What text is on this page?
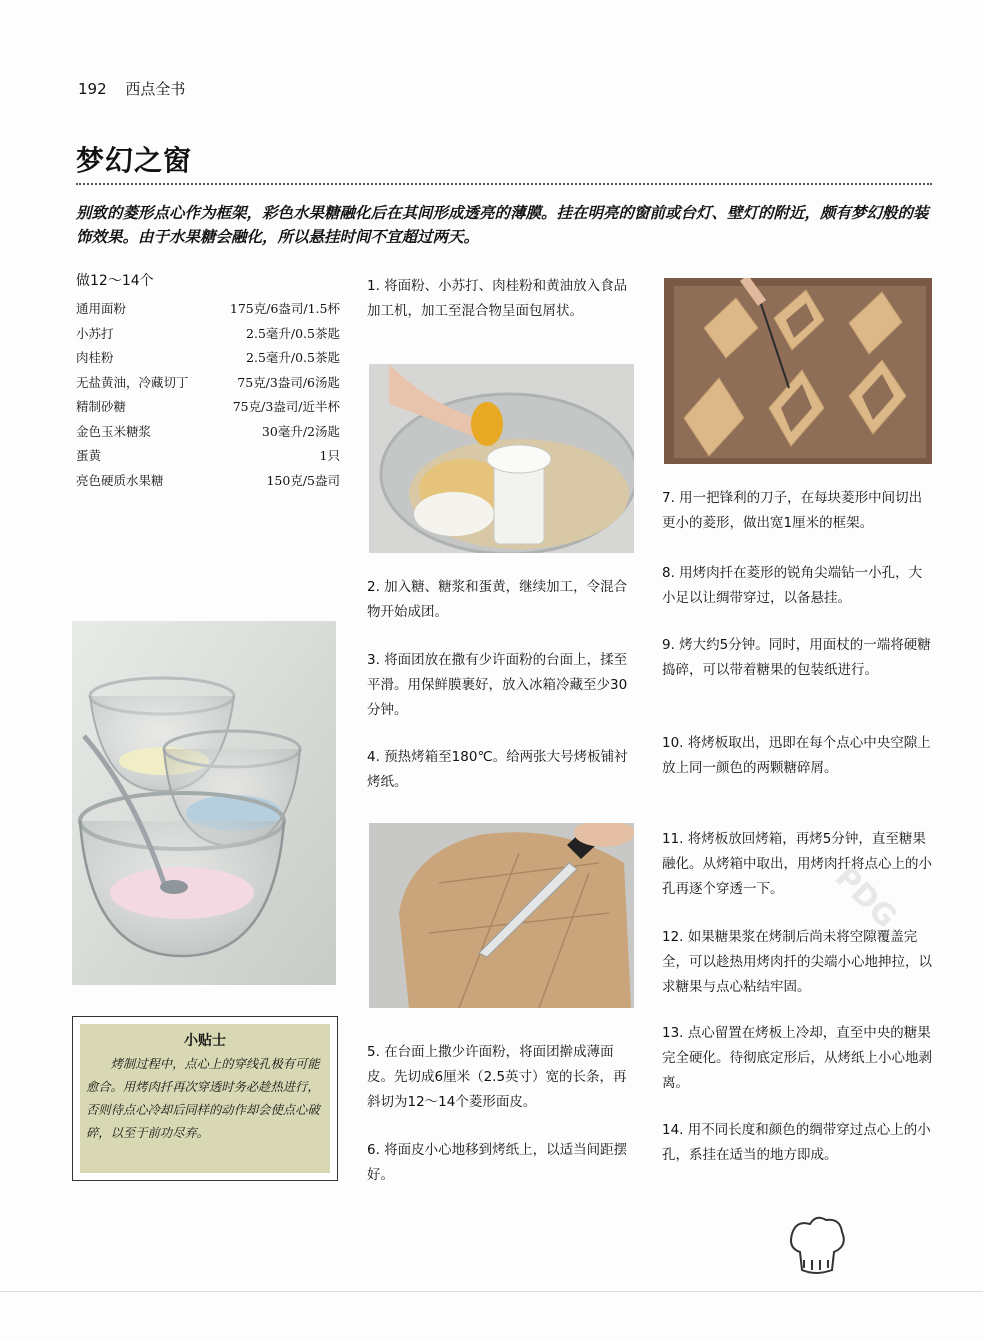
192 西点全书
梦幻之窗
别致的菱形点心作为框架，彩色水果糖融化后在其间形成透亮的薄膜。挂在明亮的窗前或台灯、壁灯的附近，颇有梦幻般的装饰效果。由于水果糖会融化，所以悬挂时间不宜超过两天。
做12～14个
通用面粉	175克/6盎司/1.5杯
小苏打	2.5毫升/0.5茶匙
肉桂粉	2.5毫升/0.5茶匙
无盐黄油，冷藏切丁	75克/3盎司/6汤匙
精制砂糖	75克/3盎司/近半杯
金色玉米糖浆	30毫升/2汤匙
蛋黄	1只
亮色硬质水果糖	150克/5盎司
小贴士
烤制过程中，点心上的穿线孔极有可能愈合。用烤肉扦再次穿透时务必趁热进行，否则待点心冷却后同样的动作却会使点心破碎，以至于前功尽弃。
1. 将面粉、小苏打、肉桂粉和黄油放入食品加工机，加工至混合物呈面包屑状。
2. 加入糖、糖浆和蛋黄，继续加工，令混合物开始成团。
3. 将面团放在撒有少许面粉的台面上，揉至平滑。用保鲜膜裹好，放入冰箱冷藏至少30分钟。
4. 预热烤箱至180℃。给两张大号烤板铺衬烤纸。
5. 在台面上撒少许面粉，将面团擀成薄面皮。先切成6厘米（2.5英寸）宽的长条，再斜切为12～14个菱形面皮。
6. 将面皮小心地移到烤纸上，以适当间距摆好。
7. 用一把锋利的刀子，在每块菱形中间切出更小的菱形，做出宽1厘米的框架。
8. 用烤肉扦在菱形的锐角尖端钻一小孔，大小足以让绸带穿过，以备悬挂。
9. 烤大约5分钟。同时，用面杖的一端将硬糖捣碎，可以带着糖果的包装纸进行。
10. 将烤板取出，迅即在每个点心中央空隙上放上同一颜色的两颗糖碎屑。
11. 将烤板放回烤箱，再烤5分钟，直至糖果融化。从烤箱中取出，用烤肉扦将点心上的小孔再逐个穿透一下。
12. 如果糖果浆在烤制后尚未将空隙覆盖完全，可以趁热用烤肉扦的尖端小心地抻拉，以求糖果与点心粘结牢固。
13. 点心留置在烤板上冷却，直至中央的糖果完全硬化。待彻底定形后，从烤纸上小心地剥离。
14. 用不同长度和颜色的绸带穿过点心上的小孔，系挂在适当的地方即成。
PDG
